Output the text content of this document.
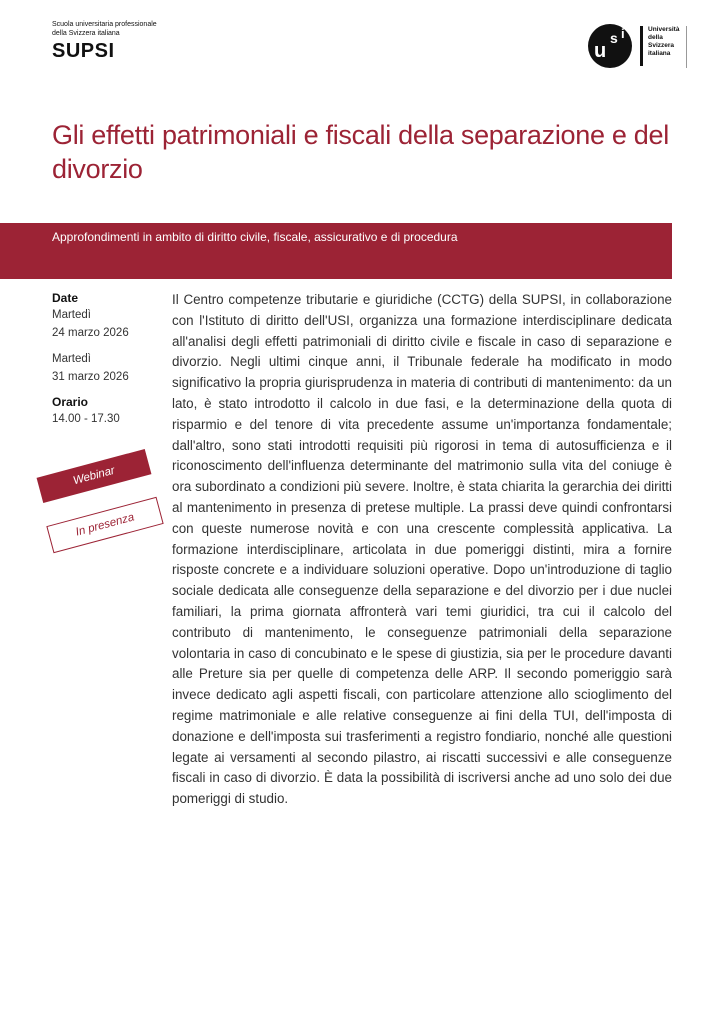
Scuola universitaria professionale
della Svizzera italiana
SUPSI	u
s i	Università della Svizzera italiana
Gli effetti patrimoniali e fiscali della separazione e del divorzio
Approfondimenti in ambito di diritto civile, fiscale, assicurativo e di procedura
Date
Martedì
24 marzo 2026
Martedì
31 marzo 2026
Orario
14.00 - 17.30
Webinar
In presenza

Il Centro competenze tributarie e giuridiche (CCTG) della SUPSI, in collaborazione con l'Istituto di diritto dell'USI, organizza una formazione interdisciplinare dedicata all'analisi degli effetti patrimoniali di diritto civile e fiscale in caso di separazione e divorzio. Negli ultimi cinque anni, il Tribunale federale ha modificato in modo significativo la propria giurisprudenza in materia di contributi di mantenimento: da un lato, è stato introdotto il calcolo in due fasi, e la determinazione della quota di risparmio e del tenore di vita precedente assume un'importanza fondamentale; dall'altro, sono stati introdotti requisiti più rigorosi in tema di autosufficienza e il riconoscimento dell'influenza determinante del matrimonio sulla vita del coniuge è ora subordinato a condizioni più severe. Inoltre, è stata chiarita la gerarchia dei diritti al mantenimento in presenza di pretese multiple. La prassi deve quindi confrontarsi con queste numerose novità e con una crescente complessità applicativa. La formazione interdisciplinare, articolata in due pomeriggi distinti, mira a fornire risposte concrete e a individuare soluzioni operative. Dopo un'introduzione di taglio sociale dedicata alle conseguenze della separazione e del divorzio per i due nuclei familiari, la prima giornata affronterà vari temi giuridici, tra cui il calcolo del contributo di mantenimento, le conseguenze patrimoniali della separazione volontaria in caso di concubinato e le spese di giustizia, sia per le procedure davanti alle Preture sia per quelle di competenza delle ARP. Il secondo pomeriggio sarà invece dedicato agli aspetti fiscali, con particolare attenzione allo scioglimento del regime matrimoniale e alle relative conseguenze ai fini della TUI, dell'imposta di donazione e dell'imposta sui trasferimenti a registro fondiario, nonché alle questioni legate ai versamenti al secondo pilastro, ai riscatti successivi e alle conseguenze fiscali in caso di divorzio. È data la possibilità di iscriversi anche ad uno solo dei due pomeriggi di studio.
